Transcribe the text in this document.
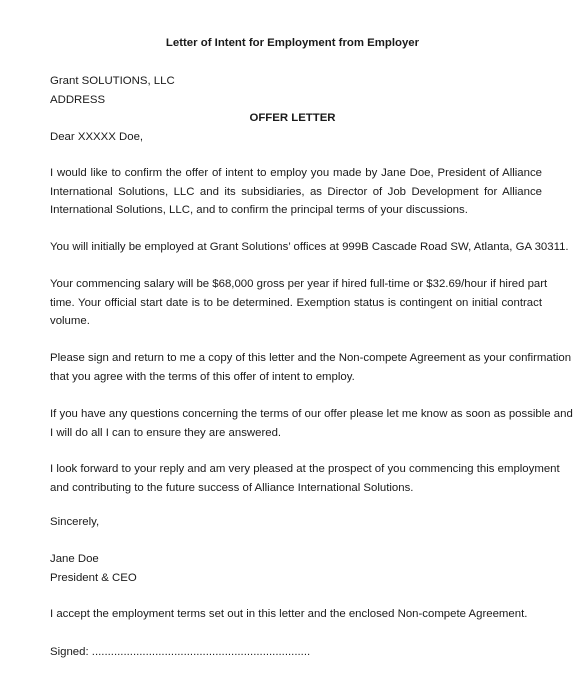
Letter of Intent for Employment from Employer
Grant SOLUTIONS, LLC
ADDRESS
OFFER LETTER
Dear XXXXX Doe,
I would like to confirm the offer of intent to employ you made by Jane Doe, President of Alliance
International Solutions, LLC and its subsidiaries, as Director of Job Development for Alliance
International Solutions, LLC, and to confirm the principal terms of your discussions.
You will initially be employed at Grant Solutions’ offices at 999B Cascade Road SW, Atlanta, GA 30311.
Your commencing salary will be $68,000 gross per year if hired full-time or $32.69/hour if hired part
time. Your official start date is to be determined. Exemption status is contingent on initial contract
volume.
Please sign and return to me a copy of this letter and the Non-compete Agreement as your confirmation
that you agree with the terms of this offer of intent to employ.
If you have any questions concerning the terms of our offer please let me know as soon as possible and
I will do all I can to ensure they are answered.
I look forward to your reply and am very pleased at the prospect of you commencing this employment
and contributing to the future success of Alliance International Solutions.
Sincerely,
Jane Doe
President & CEO
I accept the employment terms set out in this letter and the enclosed Non-compete Agreement.
Signed: .....................................................................
